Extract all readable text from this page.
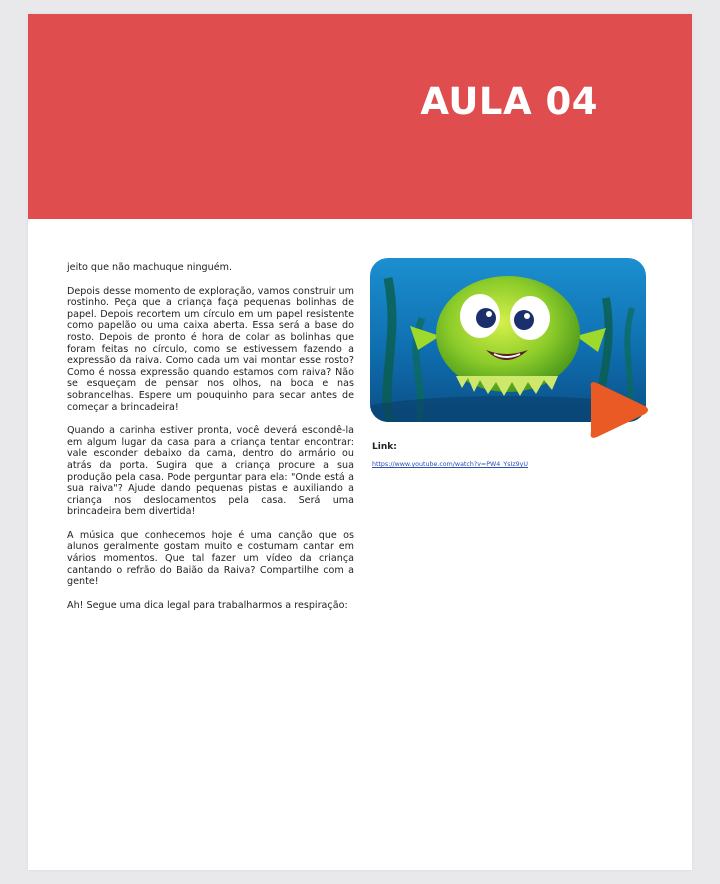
AULA 04

jeito que não machuque ninguém.

Depois desse momento de exploração, vamos construir um rostinho. Peça que a criança faça pequenas bolinhas de papel. Depois recortem um círculo em um papel resistente como papelão ou uma caixa aberta. Essa será a base do rosto. Depois de pronto é hora de colar as bolinhas que foram feitas no círculo, como se estivessem fazendo a expressão da raiva. Como cada um vai montar esse rosto? Como é nossa expressão quando estamos com raiva? Não se esqueçam de pensar nos olhos, na boca e nas sobrancelhas. Espere um pouquinho para secar antes de começar a brincadeira!

Quando a carinha estiver pronta, você deverá escondê-la em algum lugar da casa para a criança tentar encontrar: vale esconder debaixo da cama, dentro do armário ou atrás da porta. Sugira que a criança procure a sua produção pela casa. Pode perguntar para ela: "Onde está a sua raiva"? Ajude dando pequenas pistas e auxiliando a criança nos deslocamentos pela casa. Será uma brincadeira bem divertida!

A música que conhecemos hoje é uma canção que os alunos geralmente gostam muito e costumam cantar em vários momentos. Que tal fazer um vídeo da criança cantando o refrão do Baião da Raiva? Compartilhe com a gente!

Ah! Segue uma dica legal para trabalharmos a respiração:

Link:
https://www.youtube.com/watch?v=PW4_YsIz9yU
